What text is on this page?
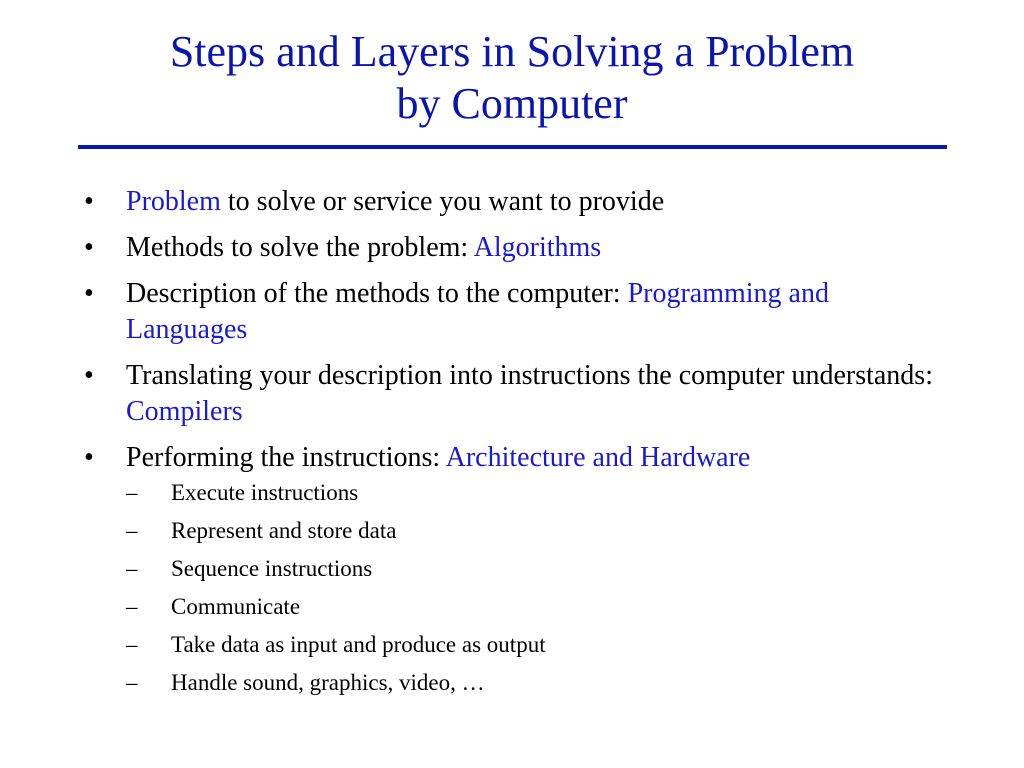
Steps and Layers in Solving a Problem
by Computer
•	Problem to solve or service you want to provide
•	Methods to solve the problem: Algorithms
•	Description of the methods to the computer: Programming and Languages
•	Translating your description into instructions the computer understands: Compilers
•	Performing the instructions: Architecture and Hardware
–	Execute instructions
–	Represent and store data
–	Sequence instructions
–	Communicate
–	Take data as input and produce as output
–	Handle sound, graphics, video, …
